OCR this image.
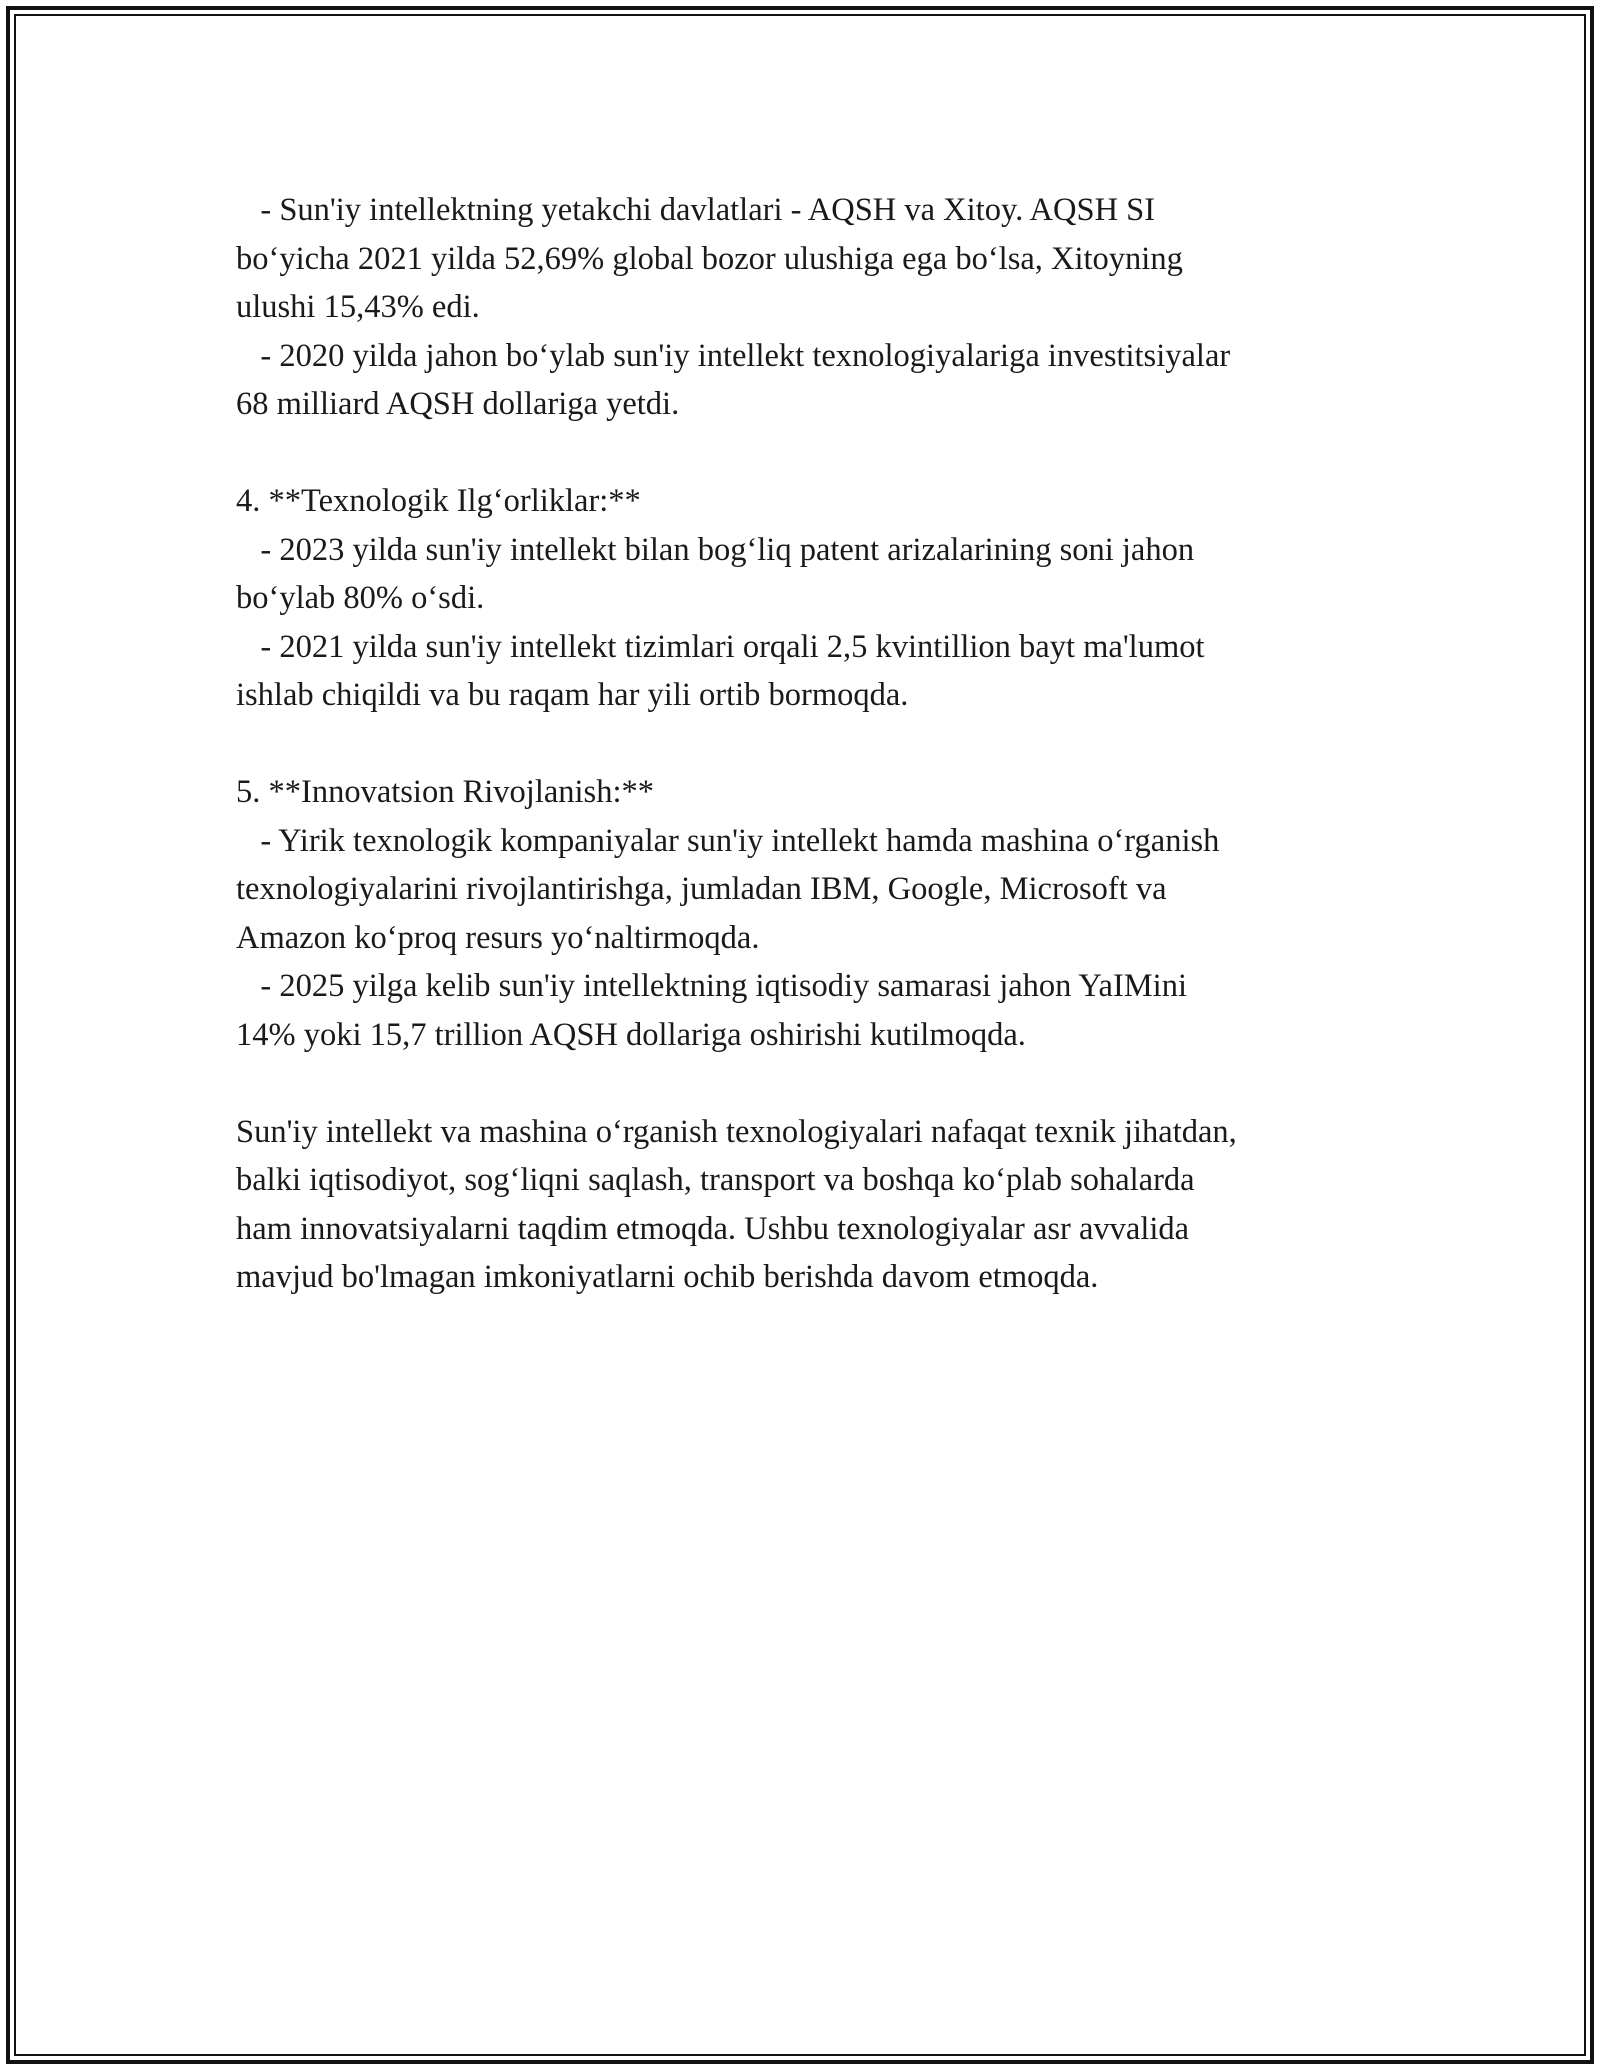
- Sun'iy intellektning yetakchi davlatlari - AQSH va Xitoy. AQSH SI
bo‘yicha 2021 yilda 52,69% global bozor ulushiga ega bo‘lsa, Xitoyning
ulushi 15,43% edi.
- 2020 yilda jahon bo‘ylab sun'iy intellekt texnologiyalariga investitsiyalar
68 milliard AQSH dollariga yetdi.
4. **Texnologik Ilg‘orliklar:**
- 2023 yilda sun'iy intellekt bilan bog‘liq patent arizalarining soni jahon
bo‘ylab 80% o‘sdi.
- 2021 yilda sun'iy intellekt tizimlari orqali 2,5 kvintillion bayt ma'lumot
ishlab chiqildi va bu raqam har yili ortib bormoqda.
5. **Innovatsion Rivojlanish:**
- Yirik texnologik kompaniyalar sun'iy intellekt hamda mashina o‘rganish
texnologiyalarini rivojlantirishga, jumladan IBM, Google, Microsoft va
Amazon ko‘proq resurs yo‘naltirmoqda.
- 2025 yilga kelib sun'iy intellektning iqtisodiy samarasi jahon YaIMini
14% yoki 15,7 trillion AQSH dollariga oshirishi kutilmoqda.
Sun'iy intellekt va mashina o‘rganish texnologiyalari nafaqat texnik jihatdan,
balki iqtisodiyot, sog‘liqni saqlash, transport va boshqa ko‘plab sohalarda
ham innovatsiyalarni taqdim etmoqda. Ushbu texnologiyalar asr avvalida
mavjud bo'lmagan imkoniyatlarni ochib berishda davom etmoqda.
